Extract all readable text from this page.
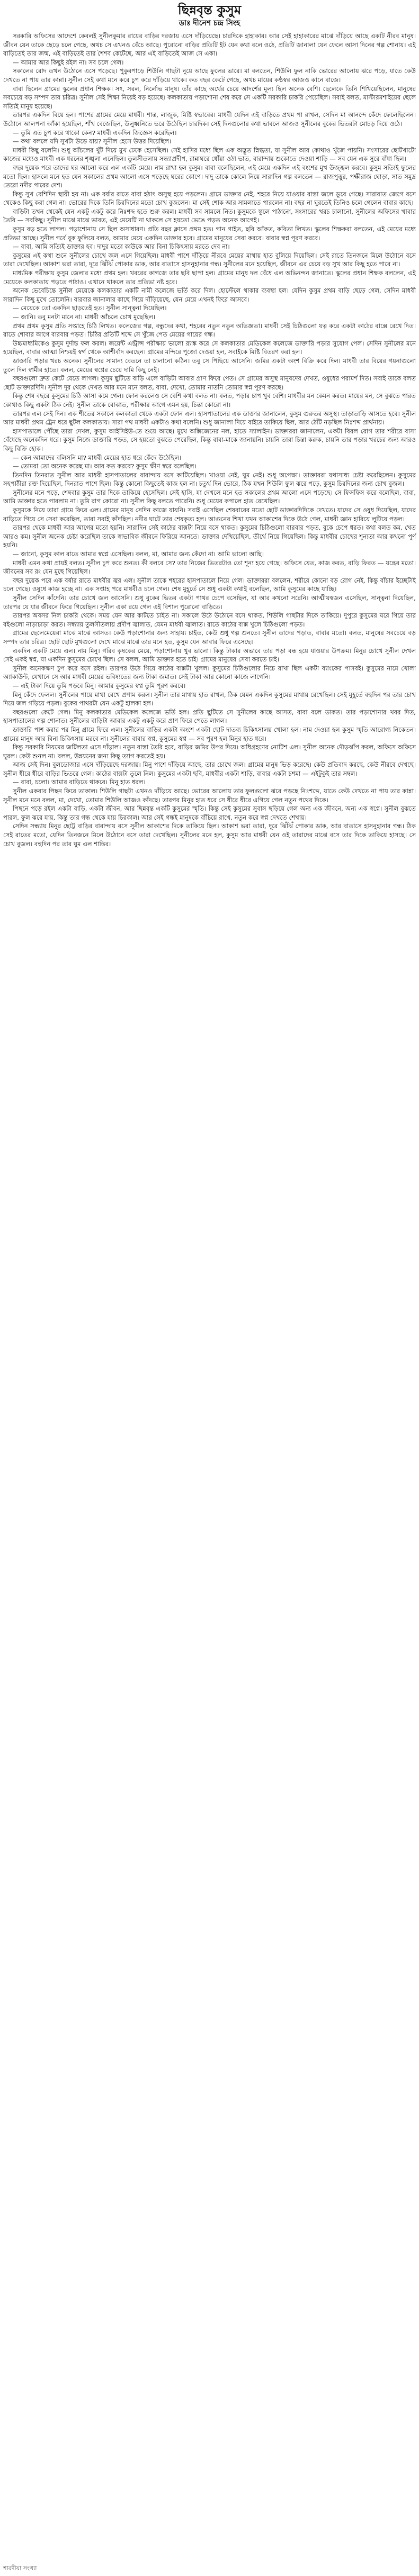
ছিন্নবৃন্ত কুসুম
ডাঃ দীনেশ চন্দ্র সিংহ

সরকারি অফিসের আদেশে কেবলই সুনীলকুমার রায়ের বাড়ির দরজায় এসে দাঁড়িয়েছে। চারদিকে হাহাকার। আর সেই হাহাকারের মাঝে দাঁড়িয়ে আছে একটি নীরব মানুষ। জীবন যেন তাকে ছেড়ে চলে গেছে, অথচ সে এখনও বেঁচে আছে। পুরোনো বাড়ির প্রতিটি ইট যেন কথা বলে ওঠে, প্রতিটি জানালা যেন ফেলে আসা দিনের গল্প শোনায়। এই বাড়িতেই তার জন্ম, এই বাড়িতেই তার শৈশব কেটেছে, আর এই বাড়িতেই আজ সে একা।

— আমার আর কিছুই রইল না। সব চলে গেল।

সকালের রোদ তখন উঠোনে এসে পড়েছে। পুকুরপাড়ে শিউলি গাছটা নুয়ে আছে ফুলের ভারে। মা বলতেন, শিউলি ফুল নাকি ভোরের আলোয় ঝরে পড়ে, যাতে কেউ দেখতে না পায় তার কান্না। সুনীল সেই কথা মনে করে চুপ করে দাঁড়িয়ে থাকে। কত বছর কেটে গেছে, অথচ মায়ের কণ্ঠস্বর আজও কানে বাজে।

বাবা ছিলেন গ্রামের স্কুলের প্রধান শিক্ষক। সৎ, সরল, নির্লোভ মানুষ। তাঁর কাছে অর্থের চেয়ে আদর্শের মূল্য ছিল অনেক বেশি। ছেলেকে তিনি শিখিয়েছিলেন, মানুষের সবচেয়ে বড় সম্পদ তার চরিত্র। সুনীল সেই শিক্ষা নিয়েই বড় হয়েছে। কলকাতায় পড়াশোনা শেষ করে সে একটি সরকারি চাকরি পেয়েছিল। সবাই বলত, মাস্টারমশাইয়ের ছেলে সত্যিই মানুষ হয়েছে।

তারপর একদিন বিয়ে হল। পাশের গ্রামের মেয়ে মাধবী। শান্ত, লাজুক, মিষ্টি স্বভাবের। মাধবী যেদিন এই বাড়িতে প্রথম পা রাখল, সেদিন মা আনন্দে কেঁদে ফেলেছিলেন। উঠোনে আলপনা আঁকা হয়েছিল, শাঁখ বেজেছিল, উলুধ্বনিতে ভরে উঠেছিল চারদিক। সেই দিনগুলোর কথা ভাবলে আজও সুনীলের বুকের ভিতরটা মোচড় দিয়ে ওঠে।

— তুমি এত চুপ করে থাকো কেন? মাধবী একদিন জিজ্ঞেস করেছিল।

— কথা বললে যদি সুখটা উড়ে যায়? সুনীল হেসে উত্তর দিয়েছিল।

মাধবী কিছু বলেনি। শুধু আঁচলের খুঁট দিয়ে মুখ ঢেকে হেসেছিল। সেই হাসির মধ্যে ছিল এক অদ্ভুত স্নিগ্ধতা, যা সুনীল আর কোথাও খুঁজে পায়নি। সংসারের ছোটখাটো কাজের মধ্যেও মাধবী এক ধরনের শৃঙ্খলা এনেছিল। তুলসীতলায় সন্ধ্যাপ্রদীপ, রান্নাঘরে ধোঁয়া ওঠা ভাত, বারান্দায় শুকোতে দেওয়া শাড়ি — সব যেন এক সুরে বাঁধা ছিল।

বছর দুয়েক পরে তাদের ঘর আলো করে এল একটি মেয়ে। নাম রাখা হল কুসুম। বাবা বলেছিলেন, এই মেয়ে একদিন এই বংশের মুখ উজ্জ্বল করবে। কুসুম সত্যিই ফুলের মতো ছিল। হাসলে মনে হত যেন সকালের প্রথম আলো এসে পড়েছে ঘরের কোণে। দাদু তাকে কোলে নিয়ে সারাদিন গল্প বলতেন — রাজপুত্তুর, পক্ষীরাজ ঘোড়া, সাত সমুদ্র তেরো নদীর পারের দেশ।

কিন্তু সুখ বেশিদিন স্থায়ী হয় না। এক বর্ষার রাতে বাবা হঠাৎ অসুস্থ হয়ে পড়লেন। গ্রামে ডাক্তার নেই, শহরে নিয়ে যাওয়ার রাস্তা জলে ডুবে গেছে। সারারাত জেগে বসে থেকেও কিছু করা গেল না। ভোরের দিকে তিনি চিরদিনের মতো চোখ বুজলেন। মা সেই শোক আর সামলাতে পারলেন না। বছর না ঘুরতেই তিনিও চলে গেলেন বাবার কাছে।

বাড়িটা তখন থেকেই যেন একটু একটু করে নিঃশব্দ হতে শুরু করল। মাধবী সব সামলে নিত। কুসুমকে স্কুলে পাঠানো, সংসারের খরচ চালানো, সুনীলের অফিসের খাবার তৈরি — সবকিছু। সুনীল মাঝে মাঝে ভাবত, এই মেয়েটি না থাকলে সে হয়তো ভেঙে পড়ত অনেক আগেই।

কুসুম বড় হতে লাগল। পড়াশোনায় সে ছিল অসাধারণ। প্রতি বছর ক্লাসে প্রথম হত। গান গাইত, ছবি আঁকত, কবিতা লিখত। স্কুলের শিক্ষকরা বলতেন, এই মেয়ের মধ্যে প্রতিভা আছে। সুনীল গর্বে বুক ফুলিয়ে বলত, আমার মেয়ে একদিন ডাক্তার হবে। গ্রামের মানুষের সেবা করবে। বাবার স্বপ্ন পূরণ করবে।

— বাবা, আমি সত্যিই ডাক্তার হব। দাদুর মতো কাউকে আর বিনা চিকিৎসায় মরতে দেব না।

কুসুমের এই কথা শুনে সুনীলের চোখে জল এসে গিয়েছিল। মাধবী পাশে দাঁড়িয়ে নীরবে মেয়ের মাথায় হাত বুলিয়ে দিয়েছিল। সেই রাতে তিনজনে মিলে উঠোনে বসে তারা দেখেছিল। আকাশ ভরা তারা, দূরে ঝিঁঝিঁ পোকার ডাক, আর বাতাসে হাসনুহানার গন্ধ। সুনীলের মনে হয়েছিল, জীবনে এর চেয়ে বড় সুখ আর কিছু হতে পারে না।

মাধ্যমিক পরীক্ষায় কুসুম জেলার মধ্যে প্রথম হল। খবরের কাগজে তার ছবি ছাপা হল। গ্রামের মানুষ দল বেঁধে এল অভিনন্দন জানাতে। স্কুলের প্রধান শিক্ষক বললেন, এই মেয়েকে কলকাতায় পড়তে পাঠাও। এখানে থাকলে তার প্রতিভা নষ্ট হবে।

অনেক ভেবেচিন্তে সুনীল মেয়েকে কলকাতার একটি নামী কলেজে ভর্তি করে দিল। হোস্টেলে থাকার ব্যবস্থা হল। যেদিন কুসুম প্রথম বাড়ি ছেড়ে গেল, সেদিন মাধবী সারাদিন কিছু মুখে তোলেনি। বারবার জানালার কাছে গিয়ে দাঁড়িয়েছে, যেন মেয়ে এখনই ফিরে আসবে।

— মেয়েকে তো একদিন ছাড়তেই হত। সুনীল সান্ত্বনা দিয়েছিল।

— জানি। তবু মনটা মানে না। মাধবী আঁচলে চোখ মুছেছিল।

প্রথম প্রথম কুসুম প্রতি সপ্তাহে চিঠি লিখত। কলেজের গল্প, বন্ধুদের কথা, শহরের নতুন নতুন অভিজ্ঞতা। মাধবী সেই চিঠিগুলো যত্ন করে একটা কাঠের বাক্সে রেখে দিত। রাতে শোবার আগে বারবার পড়ত। চিঠির প্রতিটি শব্দে সে খুঁজে পেত মেয়ের গায়ের গন্ধ।

উচ্চমাধ্যমিকেও কুসুম দুর্দান্ত ফল করল। জয়েন্ট এন্ট্রান্স পরীক্ষায় ভালো র‍্যাঙ্ক করে সে কলকাতার মেডিকেল কলেজে ডাক্তারি পড়ার সুযোগ পেল। সেদিন সুনীলের মনে হয়েছিল, বাবার আত্মা নিশ্চয়ই স্বর্গ থেকে আশীর্বাদ করছেন। গ্রামের মন্দিরে পুজো দেওয়া হল, সবাইকে মিষ্টি বিতরণ করা হল।

ডাক্তারি পড়ার খরচ অনেক। সুনীলের সামান্য বেতনে তা চালানো কঠিন। তবু সে পিছিয়ে আসেনি। জমির একটা অংশ বিক্রি করে দিল। মাধবী তার বিয়ের গয়নাগুলো তুলে দিল স্বামীর হাতে। বলল, মেয়ের স্বপ্নের চেয়ে দামি কিছু নেই।

বছরগুলো দ্রুত কেটে যেতে লাগল। কুসুম ছুটিতে বাড়ি এলে বাড়িটা আবার প্রাণ ফিরে পেত। সে গ্রামের অসুস্থ মানুষদের দেখত, ওষুধের পরামর্শ দিত। সবাই তাকে বলত ছোট ডাক্তারদিদি। সুনীল দূর থেকে দেখত আর মনে মনে বলত, বাবা, দেখো, তোমার নাতনি তোমার স্বপ্ন পূরণ করছে।

কিন্তু শেষ বছরে কুসুমের চিঠি আসা কমে গেল। ফোন করলেও সে বেশি কথা বলত না। বলত, পড়ার চাপ খুব বেশি। মাধবীর মন কেমন করত। মায়ের মন, সে বুঝতে পারত কোথাও কিছু একটা ঠিক নেই। সুনীল তাকে বোঝাত, পরীক্ষার আগে এমন হয়, চিন্তা কোরো না।

তারপর এল সেই দিন। এক শীতের সকালে কলকাতা থেকে একটা ফোন এল। হাসপাতালের এক ডাক্তার জানালেন, কুসুম গুরুতর অসুস্থ। তাড়াতাড়ি আসতে হবে। সুনীল আর মাধবী প্রথম ট্রেন ধরে ছুটল কলকাতায়। সারা পথ মাধবী একটাও কথা বলেনি। শুধু জানালা দিয়ে বাইরে তাকিয়ে ছিল, আর ঠোঁট নড়ছিল নিঃশব্দ প্রার্থনায়।

হাসপাতালে পৌঁছে তারা দেখল, কুসুম আইসিইউ-তে শুয়ে আছে। মুখে অক্সিজেনের নল, হাতে স্যালাইন। ডাক্তাররা জানালেন, একটা বিরল রোগ তার শরীরে বাসা বেঁধেছে অনেকদিন ধরে। কুসুম নিজে ডাক্তারি পড়ত, সে হয়তো বুঝতে পেরেছিল, কিন্তু বাবা-মাকে জানায়নি। চায়নি তারা চিন্তা করুক, চায়নি তার পড়ার খরচের জন্য আরও কিছু বিক্রি হোক।

— কেন আমাদের বলিসনি মা? মাধবী মেয়ের হাত ধরে কেঁদে উঠেছিল।

— তোমরা তো অনেক করেছ মা। আর কত করবে? কুসুম ক্ষীণ স্বরে বলেছিল।

তিনদিন তিনরাত সুনীল আর মাধবী হাসপাতালের বারান্দায় বসে কাটিয়েছিল। খাওয়া নেই, ঘুম নেই। শুধু অপেক্ষা। ডাক্তাররা যথাসাধ্য চেষ্টা করেছিলেন। কুসুমের সহপাঠীরা রক্ত দিয়েছিল, দিনরাত পাশে ছিল। কিন্তু কোনো কিছুতেই কাজ হল না। চতুর্থ দিন ভোরে, ঠিক যখন শিউলি ফুল ঝরে পড়ে, কুসুম চিরদিনের জন্য চোখ বুজল।

সুনীলের মনে পড়ে, শেষবার কুসুম তার দিকে তাকিয়ে হেসেছিল। সেই হাসি, যা দেখলে মনে হত সকালের প্রথম আলো এসে পড়েছে। সে ফিসফিস করে বলেছিল, বাবা, আমি ডাক্তার হতে পারলাম না। তুমি রাগ কোরো না। সুনীল কিছু বলতে পারেনি। শুধু মেয়ের কপালে হাত রেখেছিল।

কুসুমকে নিয়ে তারা গ্রামে ফিরে এল। গ্রামের মানুষ সেদিন কাজে যায়নি। সবাই এসেছিল শেষবারের মতো ছোট ডাক্তারদিদিকে দেখতে। যাদের সে ওষুধ দিয়েছিল, যাদের বাড়িতে গিয়ে সে সেবা করেছিল, তারা সবাই কাঁদছিল। নদীর ঘাটে তার শেষকৃত্য হল। আগুনের শিখা যখন আকাশের দিকে উঠে গেল, মাধবী জ্ঞান হারিয়ে লুটিয়ে পড়ল।

তারপর থেকে মাধবী আর আগের মতো হয়নি। সারাদিন সেই কাঠের বাক্সটা নিয়ে বসে থাকত। কুসুমের চিঠিগুলো বারবার পড়ত, বুকে চেপে ধরত। কথা বলত কম, খেত আরও কম। সুনীল অনেক চেষ্টা করেছিল তাকে স্বাভাবিক জীবনে ফিরিয়ে আনতে। ডাক্তার দেখিয়েছিল, তীর্থে নিয়ে গিয়েছিল। কিন্তু মাধবীর চোখের শূন্যতা আর কখনো পূর্ণ হয়নি।

— জানো, কুসুম কাল রাতে আমার স্বপ্নে এসেছিল। বলল, মা, আমার জন্য কেঁদো না। আমি ভালো আছি।

মাধবী এমন কথা প্রায়ই বলত। সুনীল চুপ করে শুনত। কী বলবে সে? তার নিজের ভিতরটাও তো শূন্য হয়ে গেছে। অফিসে যেত, কাজ করত, বাড়ি ফিরত — যন্ত্রের মতো। জীবনের সব রং যেন মুছে গিয়েছিল।

বছর দুয়েক পরে এক বর্ষার রাতে মাধবীর জ্বর এল। সুনীল তাকে শহরের হাসপাতালে নিয়ে গেল। ডাক্তাররা বললেন, শরীরে কোনো বড় রোগ নেই, কিন্তু বাঁচার ইচ্ছেটাই চলে গেছে। ওষুধে কাজ হচ্ছে না। এক সপ্তাহ পরে মাধবীও চলে গেল। শেষ মুহূর্তে সে শুধু একটা কথাই বলেছিল, আমি কুসুমের কাছে যাচ্ছি।

সুনীল সেদিন কাঁদেনি। তার চোখে জল আসেনি। শুধু বুকের ভিতর একটা পাথর চেপে বসেছিল, যা আর কখনো সরেনি। আত্মীয়স্বজন এসেছিল, সান্ত্বনা দিয়েছিল, তারপর যে যার জীবনে ফিরে গিয়েছিল। সুনীল একা রয়ে গেল এই বিশাল পুরোনো বাড়িতে।

তারপর অবসর নিল চাকরি থেকে। সময় যেন আর কাটতে চাইত না। সকালে উঠে উঠোনে বসে থাকত, শিউলি গাছটার দিকে তাকিয়ে। দুপুরে কুসুমের ঘরে গিয়ে তার বইগুলো নাড়াচাড়া করত। সন্ধ্যায় তুলসীতলায় প্রদীপ জ্বালাত, যেমন মাধবী জ্বালাত। রাতে কাঠের বাক্স খুলে চিঠিগুলো পড়ত।

গ্রামের ছেলেমেয়েরা মাঝে মাঝে আসত। কেউ পড়াশোনার জন্য সাহায্য চাইত, কেউ শুধু গল্প শুনতে। সুনীল তাদের পড়াত, বাবার মতো। বলত, মানুষের সবচেয়ে বড় সম্পদ তার চরিত্র। ছোট ছোট মুখগুলো দেখে মাঝে মাঝে তার মনে হত, কুসুম যেন আবার ফিরে এসেছে।

একদিন একটি মেয়ে এল। নাম মিনু। গরিব কৃষকের মেয়ে, পড়াশোনায় খুব ভালো। কিন্তু টাকার অভাবে তার পড়া বন্ধ হয়ে যাওয়ার উপক্রম। মিনুর চোখে সুনীল দেখল সেই একই স্বপ্ন, যা একদিন কুসুমের চোখে ছিল। সে বলল, আমি ডাক্তার হতে চাই। গ্রামের মানুষের সেবা করতে চাই।

সুনীল অনেকক্ষণ চুপ করে বসে রইল। তারপর উঠে গিয়ে কাঠের বাক্সটা খুলল। কুসুমের চিঠিগুলোর নিচে রাখা ছিল একটা ব্যাংকের পাসবই। কুসুমের নামে খোলা অ্যাকাউন্ট, যেখানে সে আর মাধবী মেয়ের ভবিষ্যতের জন্য টাকা জমাত। সেই টাকা আর কোনো কাজে লাগেনি।

— এই টাকা দিয়ে তুমি পড়বে মিনু। আমার কুসুমের স্বপ্ন তুমি পূরণ করবে।

মিনু কেঁদে ফেলল। সুনীলের পায়ে মাথা রেখে প্রণাম করল। সুনীল তার মাথায় হাত রাখল, ঠিক যেমন একদিন কুসুমের মাথায় রেখেছিল। সেই মুহূর্তে বহুদিন পর তার চোখ দিয়ে জল গড়িয়ে পড়ল। বুকের পাথরটা যেন একটু হালকা হল।

বছরগুলো কেটে গেল। মিনু কলকাতার মেডিকেল কলেজে ভর্তি হল। প্রতি ছুটিতে সে সুনীলের কাছে আসত, বাবা বলে ডাকত। তার পড়াশোনার খবর দিত, হাসপাতালের গল্প শোনাত। সুনীলের বাড়িটা আবার একটু একটু করে প্রাণ ফিরে পেতে লাগল।

ডাক্তারি পাশ করার পর মিনু গ্রামে ফিরে এল। সুনীলের বাড়ির একটা অংশে একটা ছোট দাতব্য চিকিৎসালয় খোলা হল। নাম দেওয়া হল কুসুম স্মৃতি আরোগ্য নিকেতন। গ্রামের মানুষ আর বিনা চিকিৎসায় মরবে না। সুনীলের বাবার স্বপ্ন, কুসুমের স্বপ্ন — সব পূরণ হল মিনুর হাত ধরে।

কিন্তু সরকারি নিয়মের জটিলতা এসে দাঁড়াল। নতুন রাস্তা তৈরি হবে, বাড়ির জমির উপর দিয়ে। অধিগ্রহণের নোটিশ এল। সুনীল অনেক দৌড়ঝাঁপ করল, অফিসে অফিসে ঘুরল। কেউ শুনল না। বলল, উন্নয়নের জন্য কিছু ত্যাগ করতেই হয়।

আজ সেই দিন। বুলডোজার এসে দাঁড়িয়েছে দরজায়। মিনু পাশে দাঁড়িয়ে আছে, তার চোখে জল। গ্রামের মানুষ ভিড় করেছে। কেউ প্রতিবাদ করছে, কেউ নীরবে দেখছে। সুনীল ধীরে ধীরে বাড়ির ভিতরে গেল। কাঠের বাক্সটা তুলে নিল। কুসুমের একটা ছবি, মাধবীর একটা শাড়ি, বাবার একটা চশমা — এইটুকুই তার সম্বল।

— বাবা, চলো। আমার বাড়িতে থাকবে। মিনু হাত ধরল।

সুনীল একবার পিছন ফিরে তাকাল। শিউলি গাছটা এখনও দাঁড়িয়ে আছে। ভোরের আলোয় তার ফুলগুলো ঝরে পড়ছে নিঃশব্দে, যাতে কেউ দেখতে না পায় তার কান্না। সুনীল মনে মনে বলল, মা, দেখো, তোমার শিউলি আজও কাঁদছে। তারপর মিনুর হাত ধরে সে ধীরে ধীরে এগিয়ে গেল নতুন পথের দিকে।

পিছনে পড়ে রইল একটা বাড়ি, একটা জীবন, আর ছিন্নবৃন্ত একটি কুসুমের স্মৃতি। কিন্তু সেই কুসুমের সুবাস ছড়িয়ে গেল অন্য এক জীবনে, অন্য এক স্বপ্নে। সুনীল বুঝতে পারল, ফুল ঝরে যায়, কিন্তু তার গন্ধ থেকে যায় চিরকাল। আর সেই গন্ধই মানুষকে বাঁচিয়ে রাখে, নতুন করে স্বপ্ন দেখতে শেখায়।

সেদিন সন্ধ্যায় মিনুর ছোট্ট বাড়ির বারান্দায় বসে সুনীল আকাশের দিকে তাকিয়ে ছিল। আকাশ ভরা তারা, দূরে ঝিঁঝিঁ পোকার ডাক, আর বাতাসে হাসনুহানার গন্ধ। ঠিক সেই রাতের মতো, যেদিন তিনজনে মিলে উঠোনে বসে তারা দেখেছিল। সুনীলের মনে হল, কুসুম আর মাধবী যেন ওই তারাদের মাঝে বসে তার দিকে তাকিয়ে হাসছে। সে চোখ বুজল। বহুদিন পর তার ঘুম এল শান্তির।

শারদীয়া সংখ্যা
